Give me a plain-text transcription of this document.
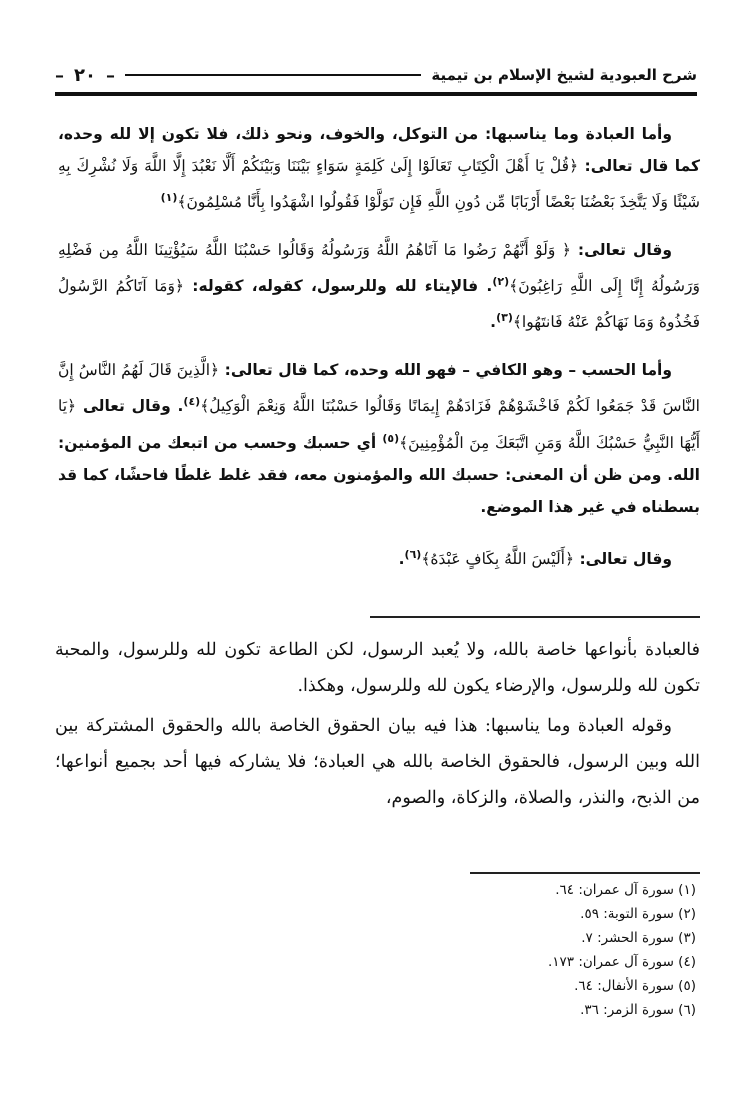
– ٢٠ –	شرح العبودية لشيخ الإسلام بن تيمية

وأما العبادة وما يناسبها: من التوكل، والخوف، ونحو ذلك، فلا تكون إلا لله وحده، كما قال تعالى: ﴿قُلْ يَا أَهْلَ الْكِتَابِ تَعَالَوْا إِلَىٰ كَلِمَةٍ سَوَاءٍ بَيْنَنَا وَبَيْنَكُمْ أَلَّا نَعْبُدَ إِلَّا اللَّهَ وَلَا نُشْرِكَ بِهِ شَيْئًا وَلَا يَتَّخِذَ بَعْضُنَا بَعْضًا أَرْبَابًا مِّن دُونِ اللَّهِ فَإِن تَوَلَّوْا فَقُولُوا اشْهَدُوا بِأَنَّا مُسْلِمُونَ﴾$^{(١)}$

وقال تعالى: ﴿ وَلَوْ أَنَّهُمْ رَضُوا مَا آتَاهُمُ اللَّهُ وَرَسُولُهُ وَقَالُوا حَسْبُنَا اللَّهُ سَيُؤْتِينَا اللَّهُ مِن فَضْلِهِ وَرَسُولُهُ إِنَّا إِلَى اللَّهِ رَاغِبُونَ﴾$^{(٢)}$. فالإيتاء لله وللرسول، كقوله، كقوله: ﴿وَمَا آتَاكُمُ الرَّسُولُ فَخُذُوهُ وَمَا نَهَاكُمْ عَنْهُ فَانتَهُوا﴾$^{(٣)}$.

وأما الحسب – وهو الكافي – فهو الله وحده، كما قال تعالى: ﴿الَّذِينَ قَالَ لَهُمُ النَّاسُ إِنَّ النَّاسَ قَدْ جَمَعُوا لَكُمْ فَاخْشَوْهُمْ فَزَادَهُمْ إِيمَانًا وَقَالُوا حَسْبُنَا اللَّهُ وَنِعْمَ الْوَكِيلُ﴾$^{(٤)}$. وقال تعالى ﴿يَا أَيُّهَا النَّبِيُّ حَسْبُكَ اللَّهُ وَمَنِ اتَّبَعَكَ مِنَ الْمُؤْمِنِينَ﴾$^{(٥)}$ أي حسبك وحسب من اتبعك من المؤمنين: الله. ومن ظن أن المعنى: حسبك الله والمؤمنون معه، فقد غلط غلطًا فاحشًا، كما قد بسطناه في غير هذا الموضع.

وقال تعالى: ﴿أَلَيْسَ اللَّهُ بِكَافٍ عَبْدَهُ﴾$^{(٦)}$.

فالعبادة بأنواعها خاصة بالله، ولا يُعبد الرسول، لكن الطاعة تكون لله وللرسول، والمحبة تكون لله وللرسول، والإرضاء يكون لله وللرسول، وهكذا.

وقوله العبادة وما يناسبها: هذا فيه بيان الحقوق الخاصة بالله والحقوق المشتركة بين الله وبين الرسول، فالحقوق الخاصة بالله هي العبادة؛ فلا يشاركه فيها أحد بجميع أنواعها؛ من الذبح، والنذر، والصلاة، والزكاة، والصوم،

(١) سورة آل عمران: ٦٤.
(٢) سورة التوبة: ٥٩.
(٣) سورة الحشر: ٧.
(٤) سورة آل عمران: ١٧٣.
(٥) سورة الأنفال: ٦٤.
(٦) سورة الزمر: ٣٦.
